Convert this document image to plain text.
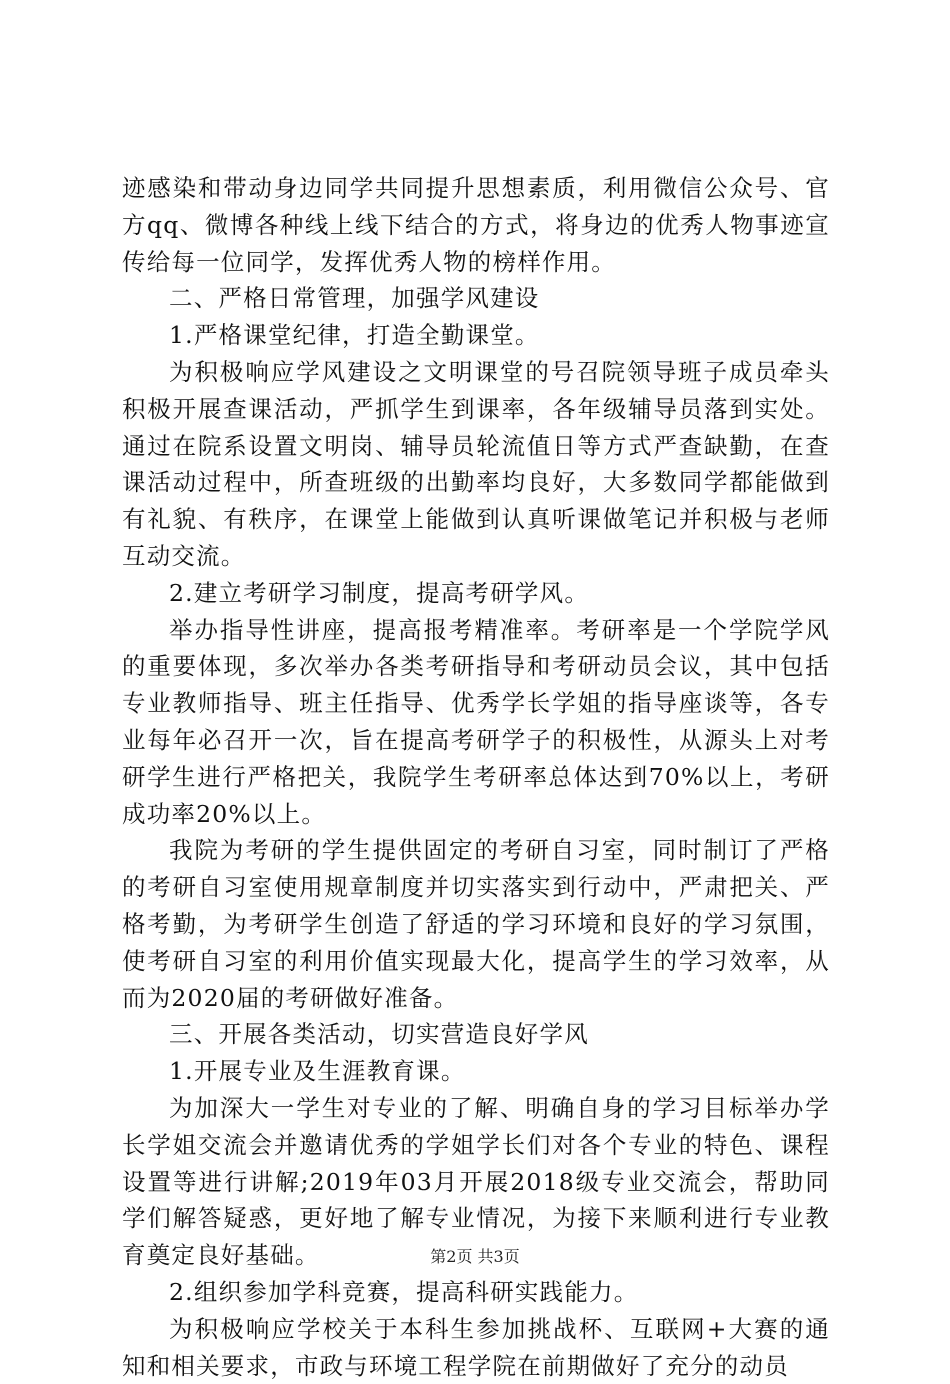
迹感染和带动身边同学共同提升思想素质，利用微信公众号、官方qq、微博各种线上线下结合的方式，将身边的优秀人物事迹宣传给每一位同学，发挥优秀人物的榜样作用。

二、严格日常管理，加强学风建设

1.严格课堂纪律，打造全勤课堂。

为积极响应学风建设之文明课堂的号召院领导班子成员牵头积极开展查课活动，严抓学生到课率，各年级辅导员落到实处。通过在院系设置文明岗、辅导员轮流值日等方式严查缺勤，在查课活动过程中，所查班级的出勤率均良好，大多数同学都能做到有礼貌、有秩序，在课堂上能做到认真听课做笔记并积极与老师互动交流。

2.建立考研学习制度，提高考研学风。

举办指导性讲座，提高报考精准率。考研率是一个学院学风的重要体现，多次举办各类考研指导和考研动员会议，其中包括专业教师指导、班主任指导、优秀学长学姐的指导座谈等，各专业每年必召开一次，旨在提高考研学子的积极性，从源头上对考研学生进行严格把关，我院学生考研率总体达到70%以上，考研成功率20%以上。

我院为考研的学生提供固定的考研自习室，同时制订了严格的考研自习室使用规章制度并切实落实到行动中，严肃把关、严格考勤，为考研学生创造了舒适的学习环境和良好的学习氛围，使考研自习室的利用价值实现最大化，提高学生的学习效率，从而为2020届的考研做好准备。

三、开展各类活动，切实营造良好学风

1.开展专业及生涯教育课。

为加深大一学生对专业的了解、明确自身的学习目标举办学长学姐交流会并邀请优秀的学姐学长们对各个专业的特色、课程设置等进行讲解;2019年03月开展2018级专业交流会，帮助同学们解答疑惑，更好地了解专业情况，为接下来顺利进行专业教育奠定良好基础。

2.组织参加学科竞赛，提高科研实践能力。

为积极响应学校关于本科生参加挑战杯、互联网+大赛的通知和相关要求，市政与环境工程学院在前期做好了充分的动员

第2页 共3页
